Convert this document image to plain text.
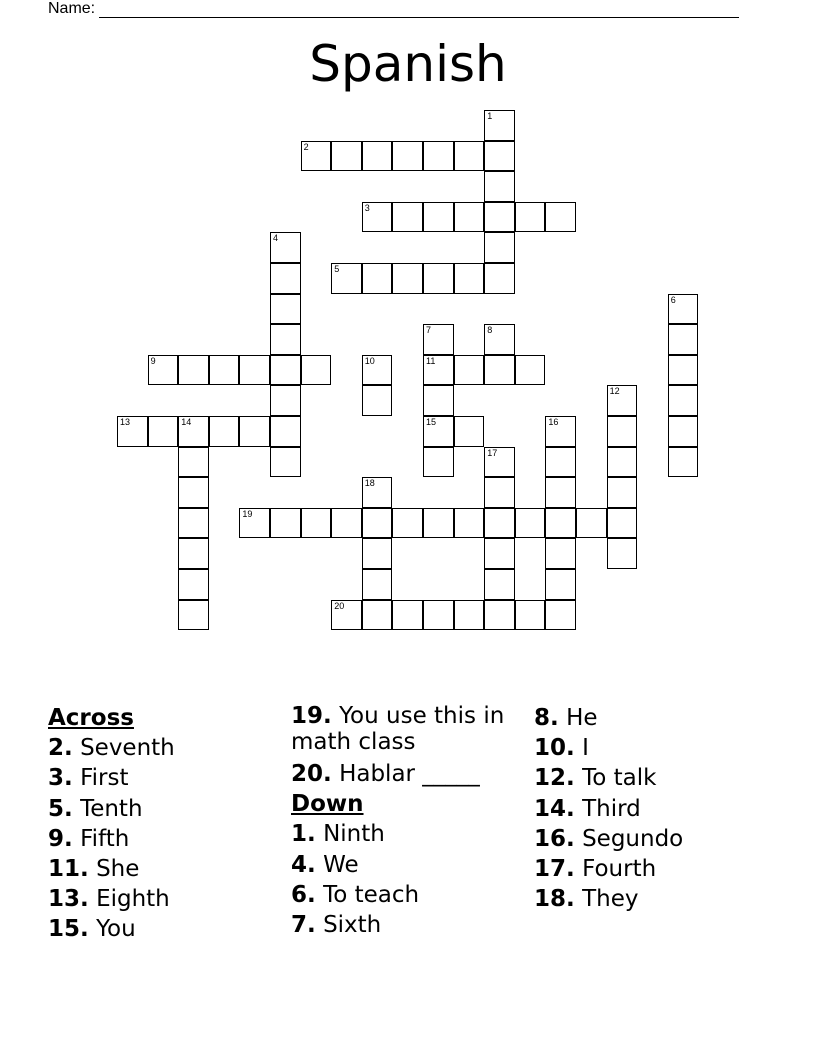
Name:
Spanish
1
2
3
4
5
6
7	8
9	10	11
12
13	14	15	16
17
18
19
20
Across
2. Seventh
3. First
5. Tenth
9. Fifth
11. She
13. Eighth
15. You
19. You use this in math class
20. Hablar _____
Down
1. Ninth
4. We
6. To teach
7. Sixth
8. He
10. I
12. To talk
14. Third
16. Segundo
17. Fourth
18. They
